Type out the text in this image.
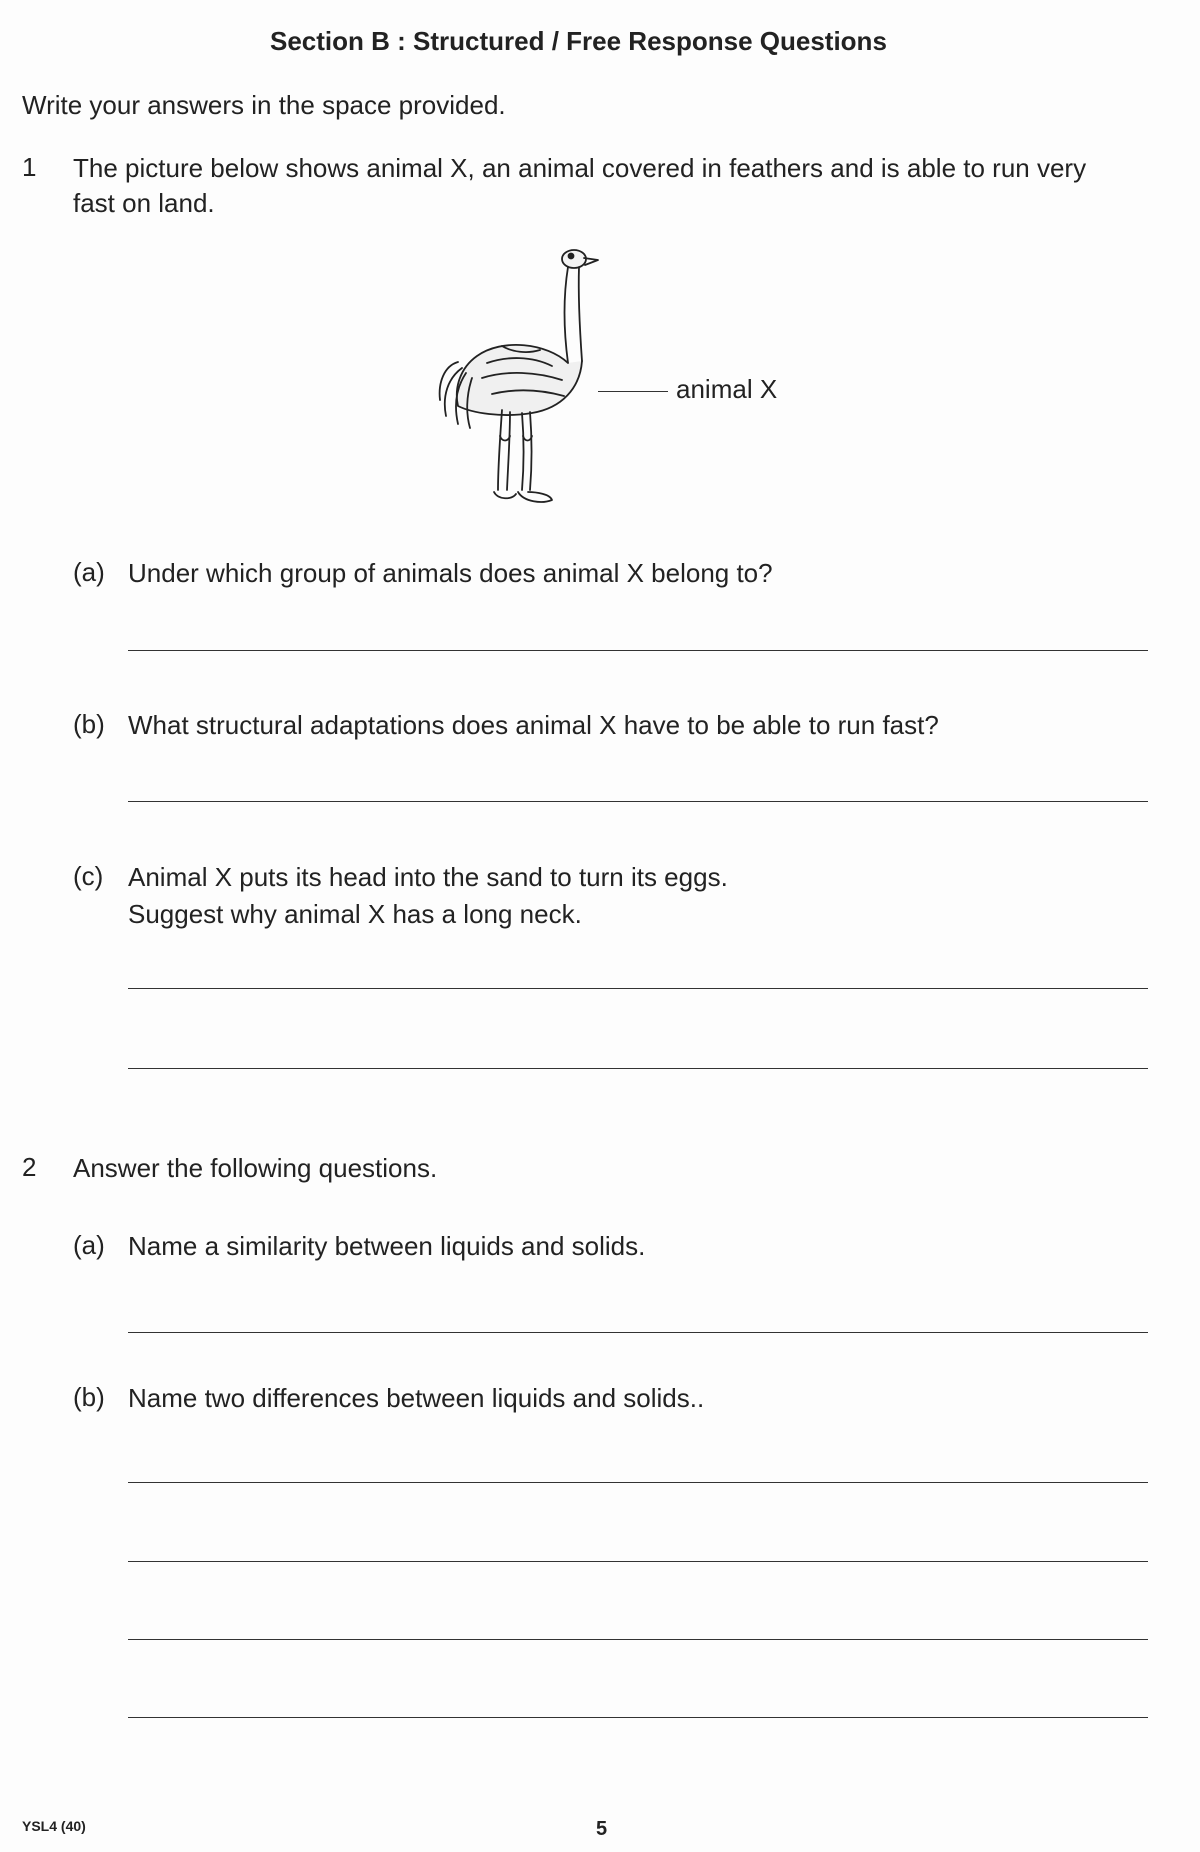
Section B : Structured / Free Response Questions
Write your answers in the space provided.
1 The picture below shows animal X, an animal covered in feathers and is able to run very
fast on land.
animal X
(a) Under which group of animals does animal X belong to?
(b) What structural adaptations does animal X have to be able to run fast?
(c) Animal X puts its head into the sand to turn its eggs.
Suggest why animal X has a long neck.
2 Answer the following questions.
(a) Name a similarity between liquids and solids.
(b) Name two differences between liquids and solids..
YSL4 (40)	5
